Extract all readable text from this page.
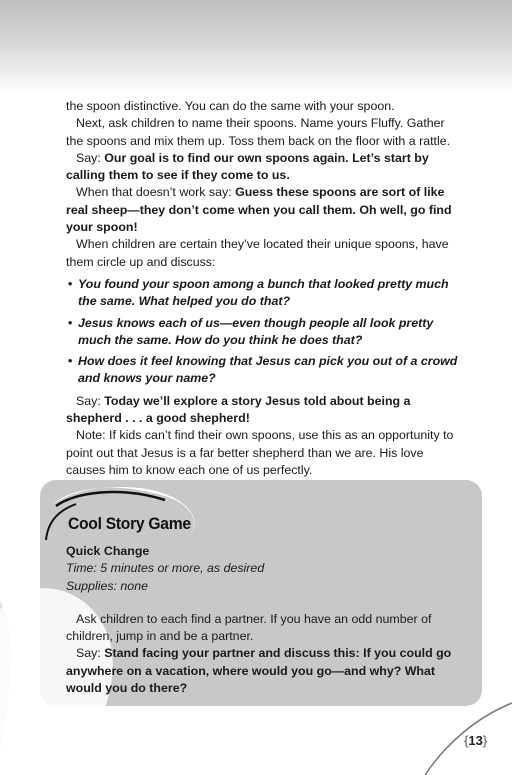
the spoon distinctive. You can do the same with your spoon.

Next, ask children to name their spoons. Name yours Fluffy. Gather the spoons and mix them up. Toss them back on the floor with a rattle.

Say: Our goal is to find our own spoons again. Let’s start by calling them to see if they come to us.

When that doesn’t work say: Guess these spoons are sort of like real sheep—they don’t come when you call them. Oh well, go find your spoon!

When children are certain they’ve located their unique spoons, have them circle up and discuss:

• You found your spoon among a bunch that looked pretty much the same. What helped you do that?
• Jesus knows each of us—even though people all look pretty much the same. How do you think he does that?
• How does it feel knowing that Jesus can pick you out of a crowd and knows your name?

Say: Today we’ll explore a story Jesus told about being a shepherd . . . a good shepherd!

Note: If kids can’t find their own spoons, use this as an opportunity to point out that Jesus is a far better shepherd than we are. His love causes him to know each one of us perfectly.

Cool Story Game

Quick Change

Time: 5 minutes or more, as desired

Supplies: none

Ask children to each find a partner. If you have an odd number of children, jump in and be a partner.

Say: Stand facing your partner and discuss this: If you could go anywhere on a vacation, where would you go—and why? What would you do there?

{13}
